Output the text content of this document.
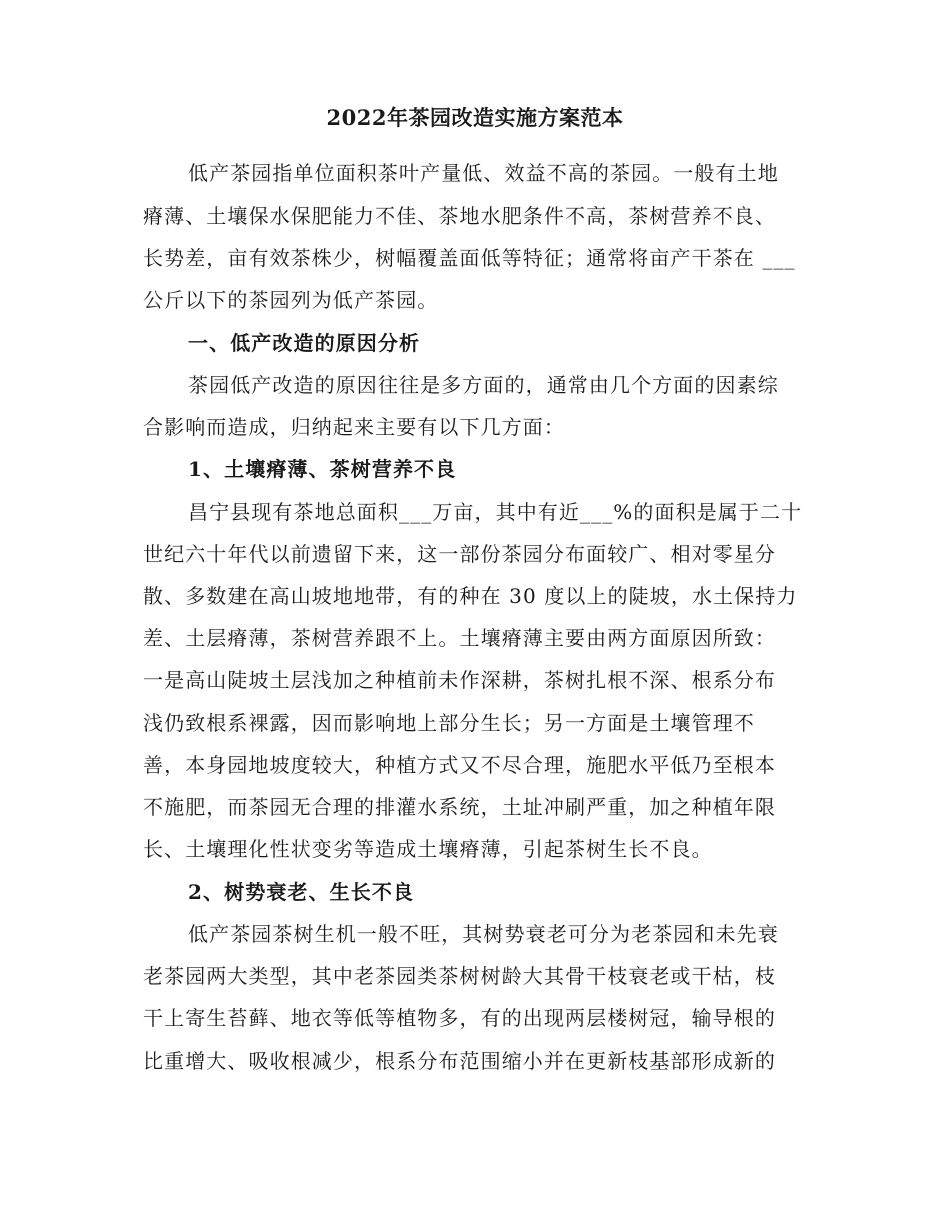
2022年茶园改造实施方案范本
低产茶园指单位面积茶叶产量低、效益不高的茶园。一般有土地
瘠薄、土壤保水保肥能力不佳、茶地水肥条件不高，茶树营养不良、
长势差，亩有效茶株少，树幅覆盖面低等特征；通常将亩产干茶在 ___
公斤以下的茶园列为低产茶园。
一、低产改造的原因分析
茶园低产改造的原因往往是多方面的，通常由几个方面的因素综
合影响而造成，归纳起来主要有以下几方面：
1、土壤瘠薄、茶树营养不良
昌宁县现有茶地总面积___万亩，其中有近___%的面积是属于二十
世纪六十年代以前遗留下来，这一部份茶园分布面较广、相对零星分
散、多数建在高山坡地地带，有的种在 30 度以上的陡坡，水土保持力
差、土层瘠薄，茶树营养跟不上。土壤瘠薄主要由两方面原因所致：
一是高山陡坡土层浅加之种植前未作深耕，茶树扎根不深、根系分布
浅仍致根系裸露，因而影响地上部分生长；另一方面是土壤管理不
善，本身园地坡度较大，种植方式又不尽合理，施肥水平低乃至根本
不施肥，而茶园无合理的排灌水系统，土址冲刷严重，加之种植年限
长、土壤理化性状变劣等造成土壤瘠薄，引起茶树生长不良。
2、树势衰老、生长不良
低产茶园茶树生机一般不旺，其树势衰老可分为老茶园和未先衰
老茶园两大类型，其中老茶园类茶树树龄大其骨干枝衰老或干枯，枝
干上寄生苔藓、地衣等低等植物多，有的出现两层楼树冠，输导根的
比重增大、吸收根减少，根系分布范围缩小并在更新枝基部形成新的
